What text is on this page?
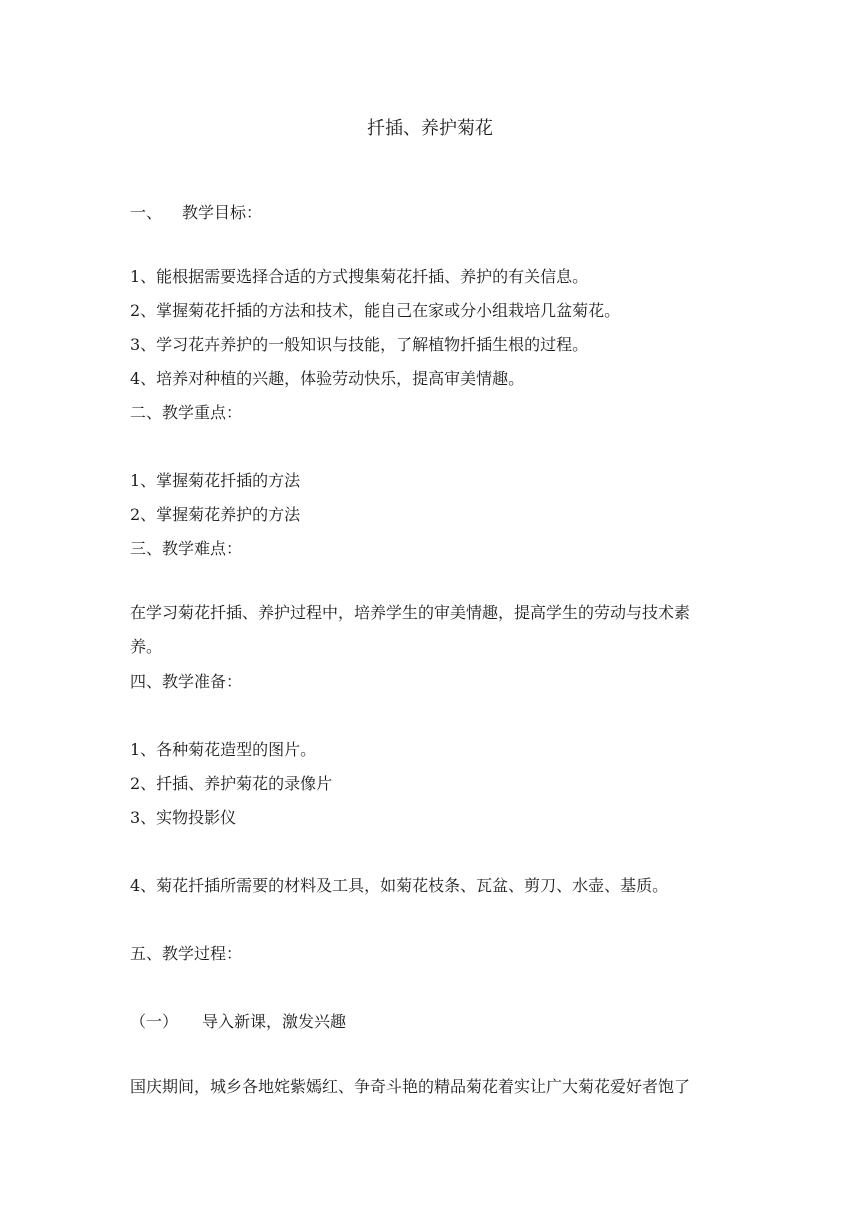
扦插、养护菊花
一、 教学目标：
1、能根据需要选择合适的方式搜集菊花扦插、养护的有关信息。
2、掌握菊花扦插的方法和技术，能自己在家或分小组栽培几盆菊花。
3、学习花卉养护的一般知识与技能，了解植物扦插生根的过程。
4、培养对种植的兴趣，体验劳动快乐，提高审美情趣。
二、教学重点：
1、掌握菊花扦插的方法
2、掌握菊花养护的方法
三、教学难点：
在学习菊花扦插、养护过程中，培养学生的审美情趣，提高学生的劳动与技术素
养。
四、教学准备：
1、各种菊花造型的图片。
2、扦插、养护菊花的录像片
3、实物投影仪
4、菊花扦插所需要的材料及工具，如菊花枝条、瓦盆、剪刀、水壶、基质。
五、教学过程：
（一） 导入新课，激发兴趣
国庆期间，城乡各地姹紫嫣红、争奇斗艳的精品菊花着实让广大菊花爱好者饱了
